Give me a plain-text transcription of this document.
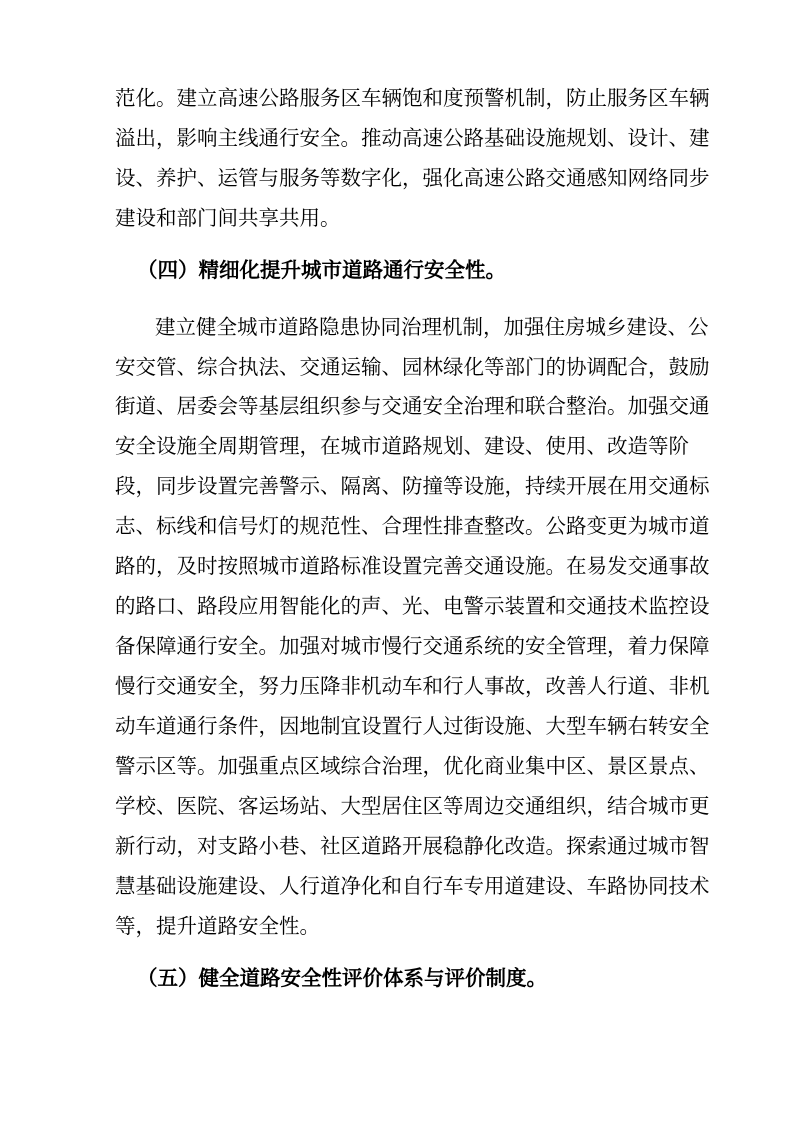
范化。建立高速公路服务区车辆饱和度预警机制，防止服务区车辆
溢出，影响主线通行安全。推动高速公路基础设施规划、设计、建
设、养护、运管与服务等数字化，强化高速公路交通感知网络同步
建设和部门间共享共用。
（四）精细化提升城市道路通行安全性。
建立健全城市道路隐患协同治理机制，加强住房城乡建设、公
安交管、综合执法、交通运输、园林绿化等部门的协调配合，鼓励
街道、居委会等基层组织参与交通安全治理和联合整治。加强交通
安全设施全周期管理，在城市道路规划、建设、使用、改造等阶
段，同步设置完善警示、隔离、防撞等设施，持续开展在用交通标
志、标线和信号灯的规范性、合理性排查整改。公路变更为城市道
路的，及时按照城市道路标准设置完善交通设施。在易发交通事故
的路口、路段应用智能化的声、光、电警示装置和交通技术监控设
备保障通行安全。加强对城市慢行交通系统的安全管理，着力保障
慢行交通安全，努力压降非机动车和行人事故，改善人行道、非机
动车道通行条件，因地制宜设置行人过街设施、大型车辆右转安全
警示区等。加强重点区域综合治理，优化商业集中区、景区景点、
学校、医院、客运场站、大型居住区等周边交通组织，结合城市更
新行动，对支路小巷、社区道路开展稳静化改造。探索通过城市智
慧基础设施建设、人行道净化和自行车专用道建设、车路协同技术
等，提升道路安全性。
（五）健全道路安全性评价体系与评价制度。
